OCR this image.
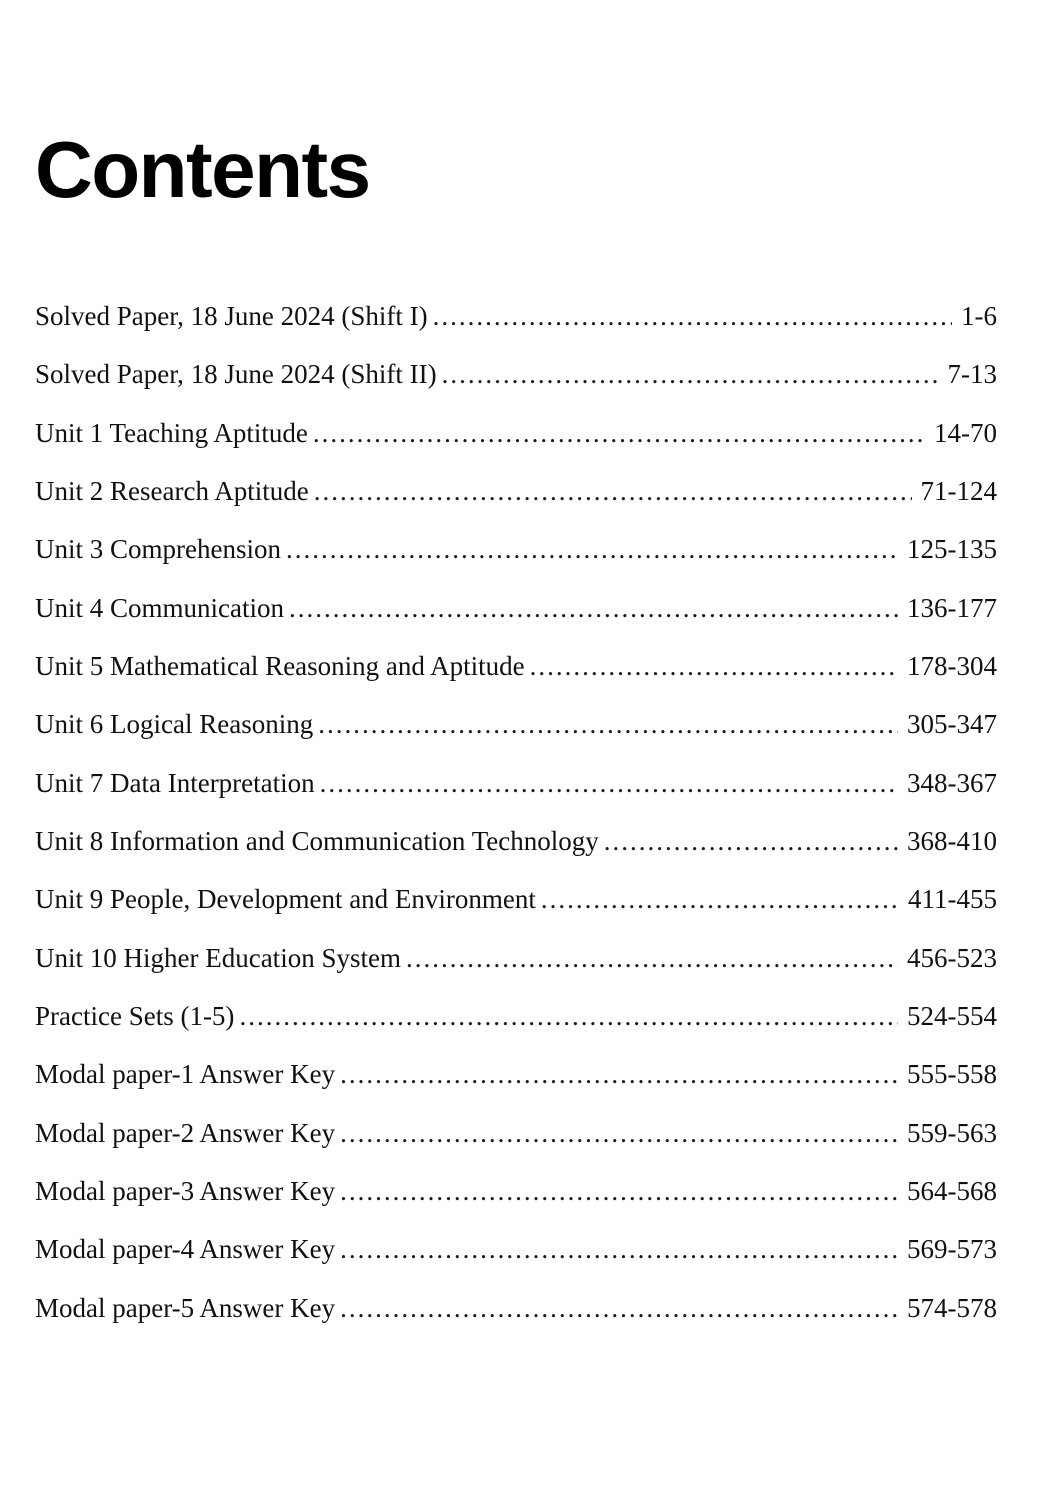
Contents
Solved Paper, 18 June 2024 (Shift I) .....	1-6
Solved Paper, 18 June 2024 (Shift II) .....	7-13
Unit 1 Teaching Aptitude .....	14-70
Unit 2 Research Aptitude .....	71-124
Unit 3 Comprehension .....	125-135
Unit 4 Communication .....	136-177
Unit 5 Mathematical Reasoning and Aptitude .....	178-304
Unit 6 Logical Reasoning .....	305-347
Unit 7 Data Interpretation .....	348-367
Unit 8 Information and Communication Technology .....	368-410
Unit 9 People, Development and Environment .....	411-455
Unit 10 Higher Education System .....	456-523
Practice Sets (1-5) .....	524-554
Modal paper-1 Answer Key .....	555-558
Modal paper-2 Answer Key .....	559-563
Modal paper-3 Answer Key .....	564-568
Modal paper-4 Answer Key .....	569-573
Modal paper-5 Answer Key .....	574-578
